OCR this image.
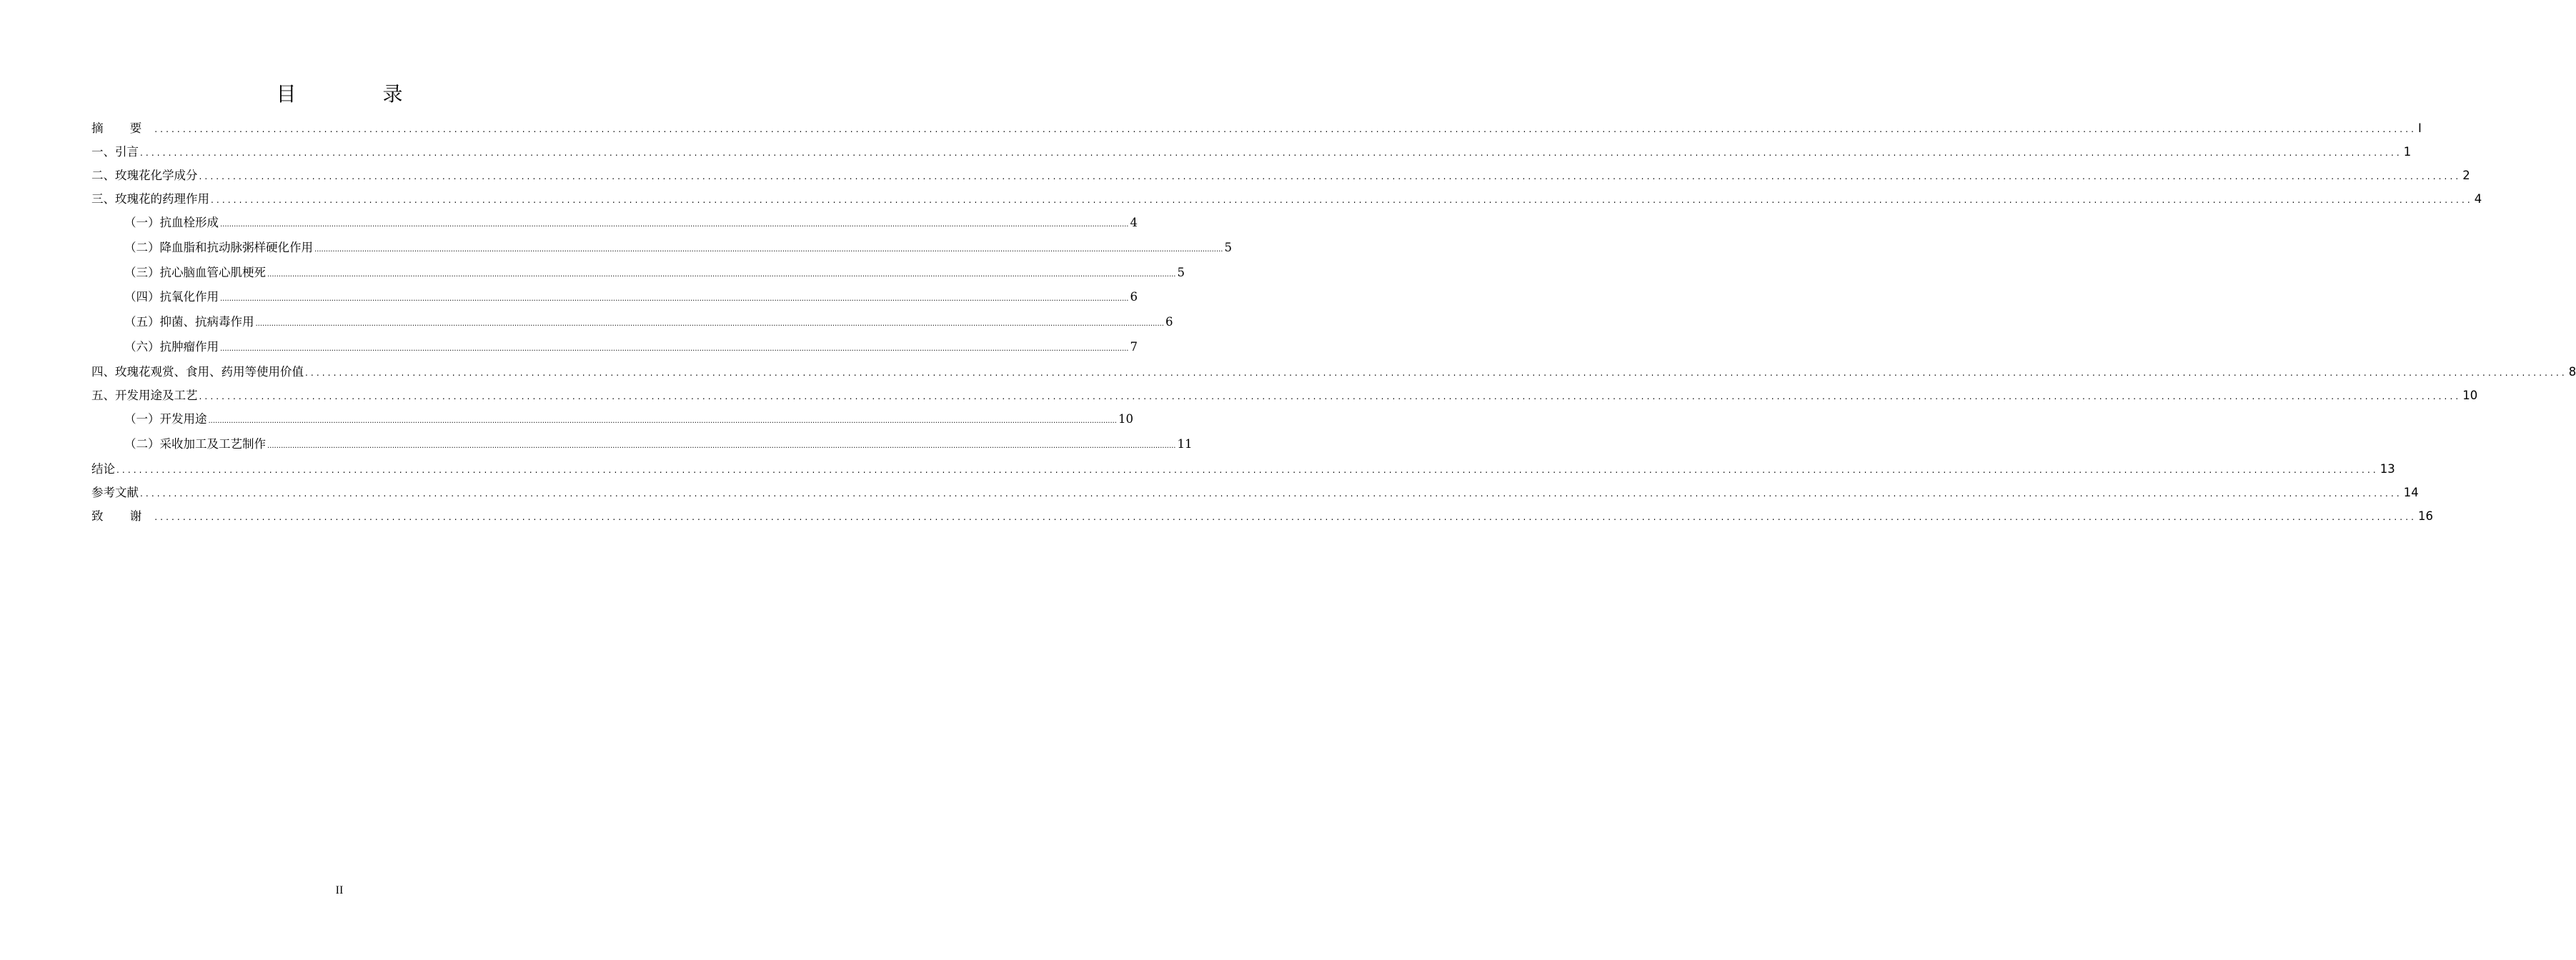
目 录
摘 要 ................................................................................................................................................................................................................................................................................................................................................................................................................ I
一、引言 ................................................................................................................................................................................................................................................................................................................................................................................................................ 1
二、玫瑰花化学成分 ................................................................................................................................................................................................................................................................................................................................................................................................................ 2
三、玫瑰花的药理作用 ................................................................................................................................................................................................................................................................................................................................................................................................................ 4
（一）抗血栓形成 ................................................................................................................................................................................................................................................................................................................................................................................................................ 4
（二）降血脂和抗动脉粥样硬化作用 ................................................................................................................................................................................................................................................................................................................................................................................................................ 5
（三）抗心脑血管心肌梗死 ................................................................................................................................................................................................................................................................................................................................................................................................................ 5
（四）抗氧化作用 ................................................................................................................................................................................................................................................................................................................................................................................................................ 6
（五）抑菌、抗病毒作用 ................................................................................................................................................................................................................................................................................................................................................................................................................ 6
（六）抗肿瘤作用 ................................................................................................................................................................................................................................................................................................................................................................................................................ 7
四、玫瑰花观赏、食用、药用等使用价值 ................................................................................................................................................................................................................................................................................................................................................................................................................ 8
五、开发用途及工艺 ................................................................................................................................................................................................................................................................................................................................................................................................................ 10
（一）开发用途 ................................................................................................................................................................................................................................................................................................................................................................................................................ 10
（二）采收加工及工艺制作 ................................................................................................................................................................................................................................................................................................................................................................................................................ 11
结论 ................................................................................................................................................................................................................................................................................................................................................................................................................ 13
参考文献 ................................................................................................................................................................................................................................................................................................................................................................................................................ 14
致 谢 ................................................................................................................................................................................................................................................................................................................................................................................................................ 16
II
